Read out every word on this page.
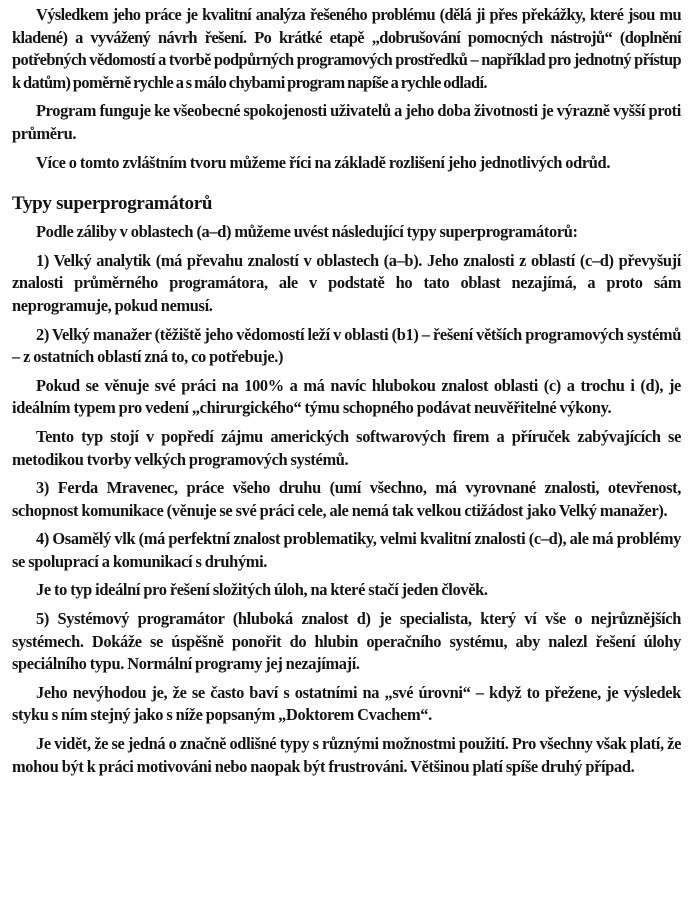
Výsledkem jeho práce je kvalitní analýza řešeného problému (dělá ji přes překážky, které jsou mu kladené) a vyvážený návrh řešení. Po krátké etapě „dobrušování pomocných nástrojů“ (doplnění potřebných vědomostí a tvorbě podpůrných programových prostředků – například pro jednotný přístup k datům) poměrně rychle a s málo chybami program napíše a rychle odladí.

Program funguje ke všeobecné spokojenosti uživatelů a jeho doba životnosti je výrazně vyšší proti průměru.

Více o tomto zvláštním tvoru můžeme říci na základě rozlišení jeho jednotlivých odrůd.

Typy superprogramátorů

Podle záliby v oblastech (a–d) můžeme uvést následující typy superprogramátorů:

1) Velký analytik (má převahu znalostí v oblastech (a–b). Jeho znalosti z oblastí (c–d) převyšují znalosti průměrného programátora, ale v podstatě ho tato oblast nezajímá, a proto sám neprogramuje, pokud nemusí.

2) Velký manažer (těžiště jeho vědomostí leží v oblasti (b1) – řešení větších programových systémů – z ostatních oblastí zná to, co potřebuje.)

Pokud se věnuje své práci na 100% a má navíc hlubokou znalost oblasti (c) a trochu i (d), je ideálním typem pro vedení „chirurgického“ týmu schopného podávat neuvěřitelné výkony.

Tento typ stojí v popředí zájmu amerických softwarových firem a příruček zabývajících se metodikou tvorby velkých programových systémů.

3) Ferda Mravenec, práce všeho druhu (umí všechno, má vyrovnané znalosti, otevřenost, schopnost komunikace (věnuje se své práci cele, ale nemá tak velkou ctižádost jako Velký manažer).

4) Osamělý vlk (má perfektní znalost problematiky, velmi kvalitní znalosti (c–d), ale má problémy se spoluprací a komunikací s druhými.

Je to typ ideální pro řešení složitých úloh, na které stačí jeden člověk.

5) Systémový programátor (hluboká znalost d) je specialista, který ví vše o nejrůznějších systémech. Dokáže se úspěšně ponořit do hlubin operačního systému, aby nalezl řešení úlohy speciálního typu. Normální programy jej nezajímají.

Jeho nevýhodou je, že se často baví s ostatními na „své úrovni“ – když to přežene, je výsledek styku s ním stejný jako s níže popsaným „Doktorem Cvachem“.

Je vidět, že se jedná o značně odlišné typy s různými možnostmi použití. Pro všechny však platí, že mohou být k práci motivováni nebo naopak být frustrováni. Většinou platí spíše druhý případ.
